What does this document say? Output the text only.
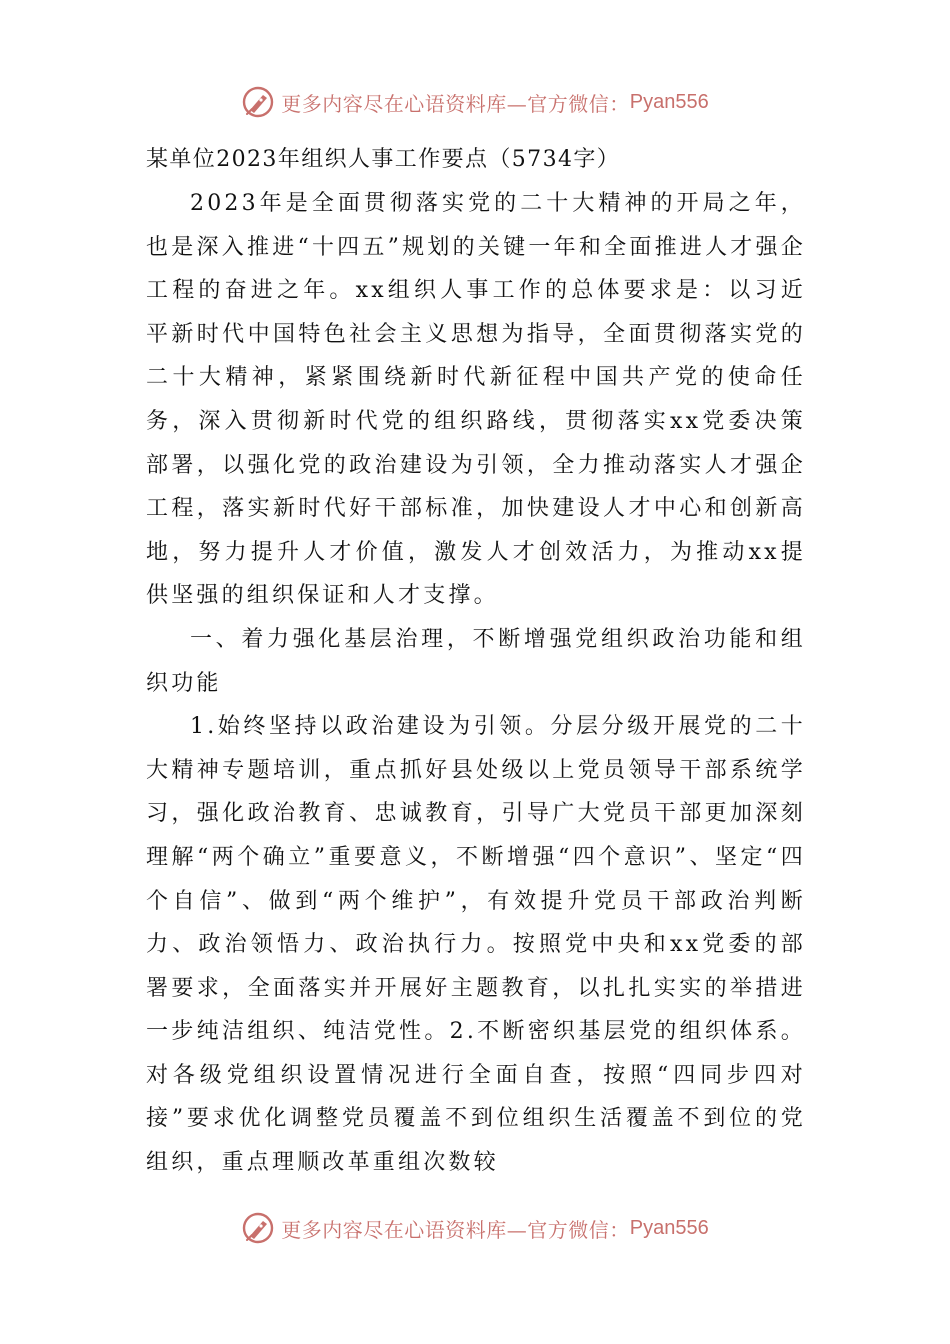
更多内容尽在心语资料库—官方微信： Pyan556
某单位2023年组织人事工作要点（5734字）

2023年是全面贯彻落实党的二十大精神的开局之年，也是深入推进“十四五”规划的关键一年和全面推进人才强企工程的奋进之年。xx组织人事工作的总体要求是：以习近平新时代中国特色社会主义思想为指导，全面贯彻落实党的二十大精神，紧紧围绕新时代新征程中国共产党的使命任务，深入贯彻新时代党的组织路线，贯彻落实xx党委决策部署，以强化党的政治建设为引领，全力推动落实人才强企工程，落实新时代好干部标准，加快建设人才中心和创新高地，努力提升人才价值，激发人才创效活力，为推动xx提供坚强的组织保证和人才支撑。

一、着力强化基层治理，不断增强党组织政治功能和组织功能

1.始终坚持以政治建设为引领。分层分级开展党的二十大精神专题培训，重点抓好县处级以上党员领导干部系统学习，强化政治教育、忠诚教育，引导广大党员干部更加深刻理解“两个确立”重要意义，不断增强“四个意识”、坚定“四个自信”、做到“两个维护”，有效提升党员干部政治判断力、政治领悟力、政治执行力。按照党中央和xx党委的部署要求，全面落实并开展好主题教育，以扎扎实实的举措进一步纯洁组织、纯洁党性。2.不断密织基层党的组织体系。对各级党组织设置情况进行全面自查，按照“四同步四对接”要求优化调整党员覆盖不到位组织生活覆盖不到位的党组织，重点理顺改革重组次数较

更多内容尽在心语资料库—官方微信： Pyan556
